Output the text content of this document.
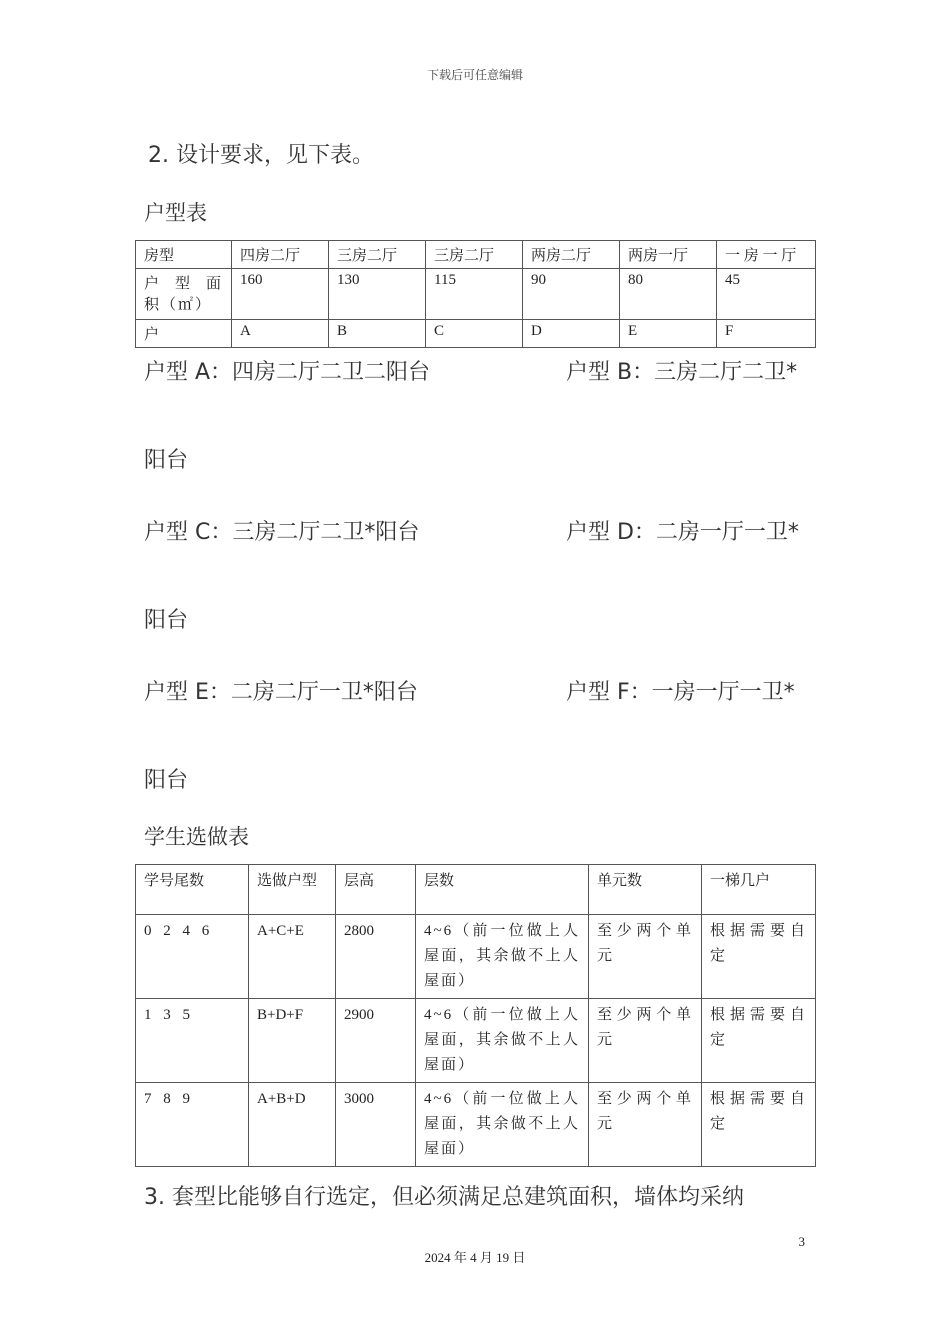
下载后可任意编辑
2. 设计要求，见下表。
户型表
房型	四房二厅	三房二厅	三房二厅	两房二厅	两房一厅	一 房 一 厅
户 型 面 积（㎡）	160	130	115	90	80	45
户	A	B	C	D	E	F
户型 A：四房二厅二卫二阳台	户型 B：三房二厅二卫*
阳台
户型 C：三房二厅二卫*阳台	户型 D：二房一厅一卫*
阳台
户型 E：二房二厅一卫*阳台	户型 F：一房一厅一卫*
阳台
学生选做表
学号尾数	选做户型	层高	层数	单元数	一梯几户
0 2 4 6	A+C+E	2800	4~6（前一位做上人屋面，其余做不上人屋面）	至少两个单元	根据需要自定
1 3 5	B+D+F	2900	4~6（前一位做上人屋面，其余做不上人屋面）	至少两个单元	根据需要自定
7 8 9	A+B+D	3000	4~6（前一位做上人屋面，其余做不上人屋面）	至少两个单元	根据需要自定
3. 套型比能够自行选定，但必须满足总建筑面积，墙体均采纳
3
2024 年 4 月 19 日
